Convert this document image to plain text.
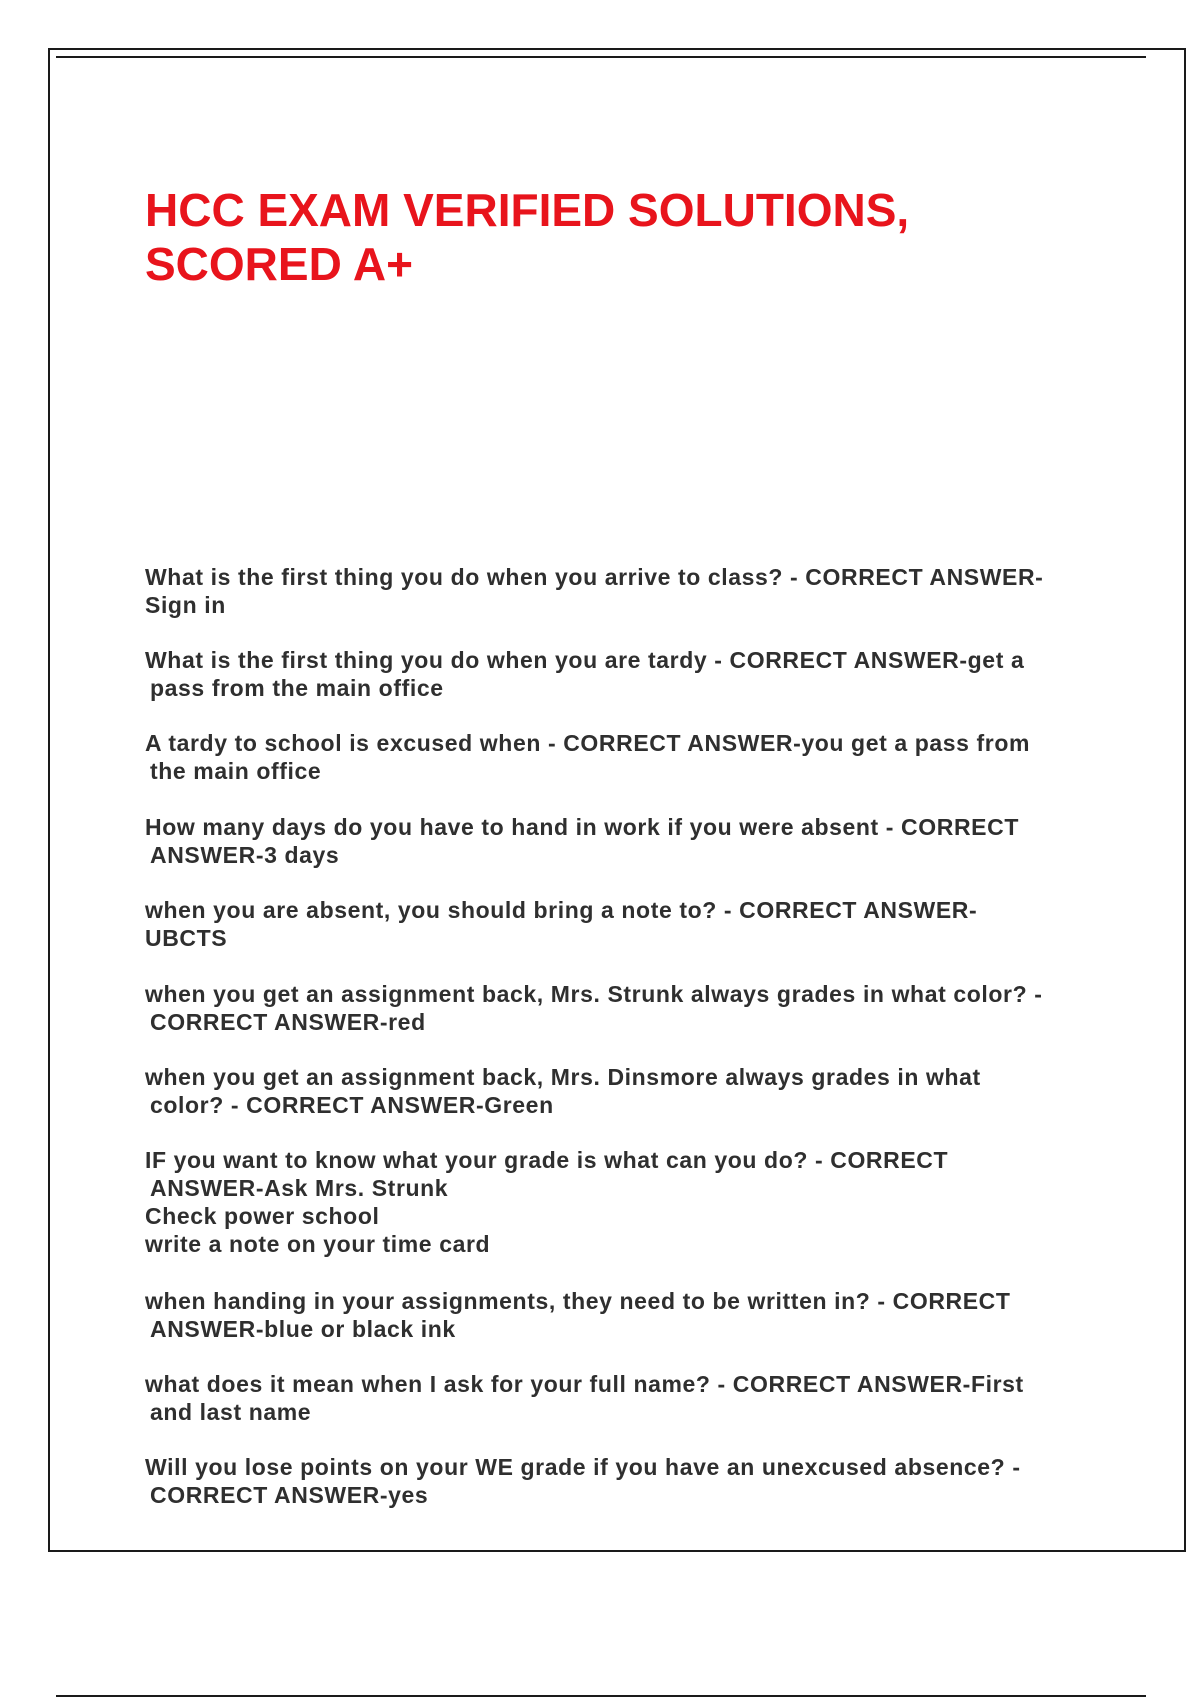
HCC EXAM VERIFIED SOLUTIONS,
SCORED A+
What is the first thing you do when you arrive to class? - CORRECT ANSWER-
Sign in
What is the first thing you do when you are tardy - CORRECT ANSWER-get a
pass from the main office
A tardy to school is excused when - CORRECT ANSWER-you get a pass from
the main office
How many days do you have to hand in work if you were absent - CORRECT
ANSWER-3 days
when you are absent, you should bring a note to? - CORRECT ANSWER-
UBCTS
when you get an assignment back, Mrs. Strunk always grades in what color? -
CORRECT ANSWER-red
when you get an assignment back, Mrs. Dinsmore always grades in what
color? - CORRECT ANSWER-Green
IF you want to know what your grade is what can you do? - CORRECT
ANSWER-Ask Mrs. Strunk
Check power school
write a note on your time card
when handing in your assignments, they need to be written in? - CORRECT
ANSWER-blue or black ink
what does it mean when I ask for your full name? - CORRECT ANSWER-First
and last name
Will you lose points on your WE grade if you have an unexcused absence? -
CORRECT ANSWER-yes
